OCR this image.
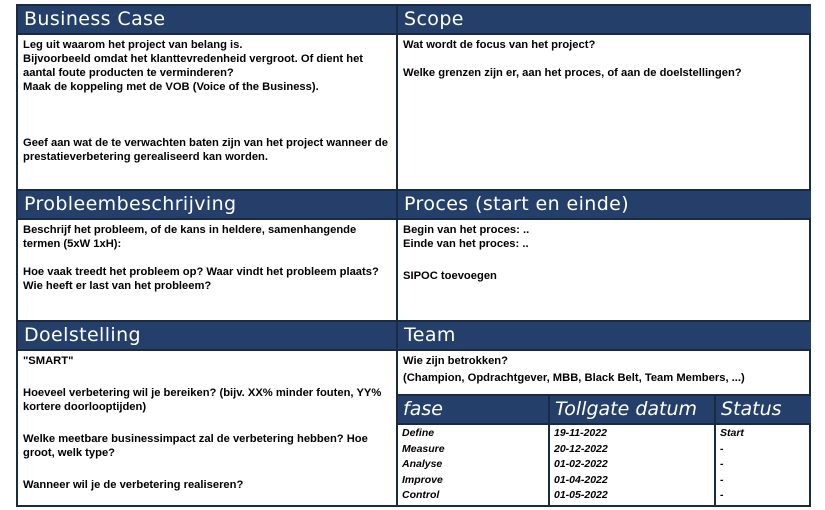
Business Case

Leg uit waarom het project van belang is.

Bijvoorbeeld omdat het klanttevredenheid vergroot. Of dient het aantal foute producten te verminderen?

Maak de koppeling met de VOB (Voice of the Business).

Geef aan wat de te verwachten baten zijn van het project wanneer de prestatieverbetering gerealiseerd kan worden.

Scope

Wat wordt de focus van het project?

Welke grenzen zijn er, aan het proces, of aan de doelstellingen?

Probleembeschrijving

Beschrijf het probleem, of de kans in heldere, samenhangende termen (5xW 1xH):

Hoe vaak treedt het probleem op? Waar vindt het probleem plaats? Wie heeft er last van het probleem?

Proces (start en einde)

Begin van het proces: ..

Einde van het proces: ..

SIPOC toevoegen

Doelstelling

"SMART"

Hoeveel verbetering wil je bereiken? (bijv. XX% minder fouten, YY% kortere doorlooptijden)

Welke meetbare businessimpact zal de verbetering hebben? Hoe groot, welk type?

Wanneer wil je de verbetering realiseren?

Team

Wie zijn betrokken?

(Champion, Opdrachtgever, MBB, Black Belt, Team Members, ...)

fase	Tollgate datum	Status
Define
Measure
Analyse
Improve
Control
19-11-2022
20-12-2022
01-02-2022
01-04-2022
01-05-2022
Start
-
-
-
-
